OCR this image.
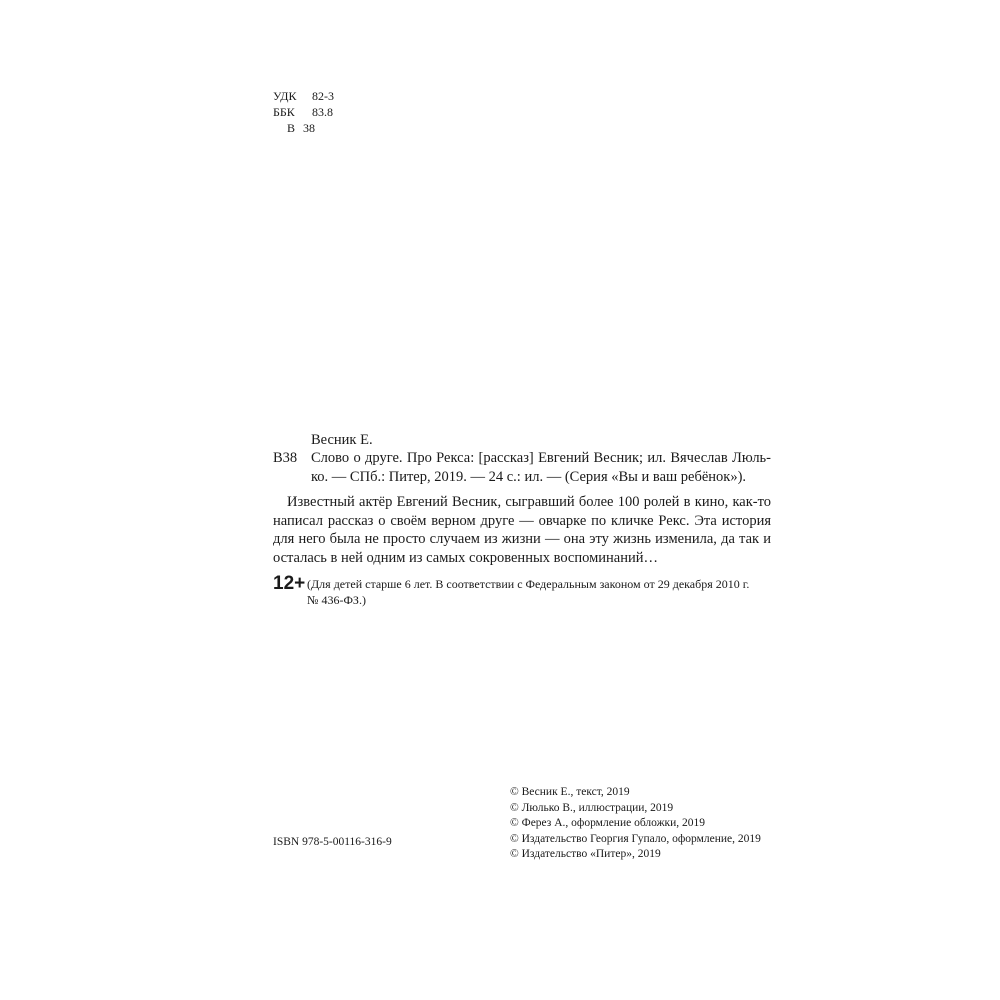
УДК	82-3
ББК	83.8
В 38
Весник Е.
В38 Слово о друге. Про Рекса: [рассказ] Евгений Весник; ил. Вячеслав Люль-ко. — СПб.: Питер, 2019. — 24 с.: ил. — (Серия «Вы и ваш ребёнок»).
Известный актёр Евгений Весник, сыгравший более 100 ролей в кино, как-то написал рассказ о своём верном друге — овчарке по кличке Рекс. Эта история для него была не просто случаем из жизни — она эту жизнь изменила, да так и осталась в ней одним из самых сокровенных воспоминаний…
12+ (Для детей старше 6 лет. В соответствии с Федеральным законом от 29 декабря 2010 г. № 436-ФЗ.)
ISBN 978-5-00116-316-9
© Весник Е., текст, 2019
© Люлько В., иллюстрации, 2019
© Ферез А., оформление обложки, 2019
© Издательство Георгия Гупало, оформление, 2019
© Издательство «Питер», 2019
